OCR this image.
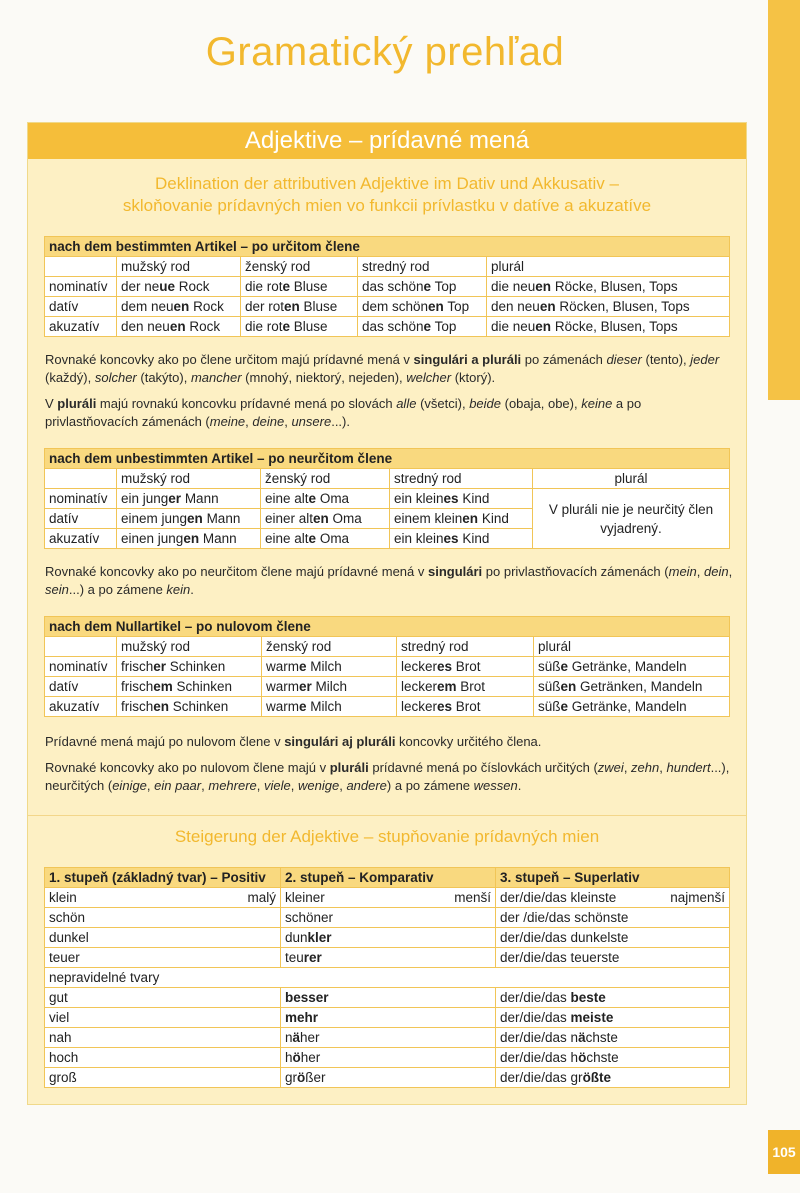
Gramatický prehľad
Adjektive – prídavné mená
Deklination der attributiven Adjektive im Dativ und Akkusativ –
skloňovanie prídavných mien vo funkcii prívlastku v datíve a akuzatíve
nach dem bestimmten Artikel – po určitom člene				
	mužský rod	ženský rod	stredný rod	plurál
nominatív	der neue Rock	die rote Bluse	das schöne Top	die neuen Röcke, Blusen, Tops
datív	dem neuen Rock	der roten Bluse	dem schönen Top	den neuen Röcken, Blusen, Tops
akuzatív	den neuen Rock	die rote Bluse	das schöne Top	die neuen Röcke, Blusen, Tops
Rovnaké koncovky ako po člene určitom majú prídavné mená v singulári a pluráli po zámenách dieser (tento), jeder (každý), solcher (takýto), mancher (mnohý, niektorý, nejeden), welcher (ktorý).
V pluráli majú rovnakú koncovku prídavné mená po slovách alle (všetci), beide (obaja, obe), keine a po privlastňovacích zámenách (meine, deine, unsere...).
nach dem unbestimmten Artikel – po neurčitom člene				
	mužský rod	ženský rod	stredný rod	plurál
nominatív	ein junger Mann	eine alte Oma	ein kleines Kind	V pluráli nie je neurčitý člen vyjadrený.
datív	einem jungen Mann	einer alten Oma	einem kleinen Kind	
akuzatív	einen jungen Mann	eine alte Oma	ein kleines Kind	
Rovnaké koncovky ako po neurčitom člene majú prídavné mená v singulári po privlastňovacích zámenách (mein, dein, sein...) a po zámene kein.
nach dem Nullartikel – po nulovom člene				
	mužský rod	ženský rod	stredný rod	plurál
nominatív	frischer Schinken	warme Milch	leckeres Brot	süße Getränke, Mandeln
datív	frischem Schinken	warmer Milch	leckerem Brot	süßen Getränken, Mandeln
akuzatív	frischen Schinken	warme Milch	leckeres Brot	süße Getränke, Mandeln
Prídavné mená majú po nulovom člene v singulári aj pluráli koncovky určitého člena.
Rovnaké koncovky ako po nulovom člene majú v pluráli prídavné mená po číslovkách určitých (zwei, zehn, hundert...), neurčitých (einige, ein paar, mehrere, viele, wenige, andere) a po zámene wessen.
Steigerung der Adjektive – stupňovanie prídavných mien
1. stupeň (základný tvar) – Positiv	2. stupeň – Komparativ	3. stupeň – Superlativ

klein malý	kleiner menší	der/die/das kleinste najmenší

schön	schöner	der /die/das schönste
dunkel	dunkler	der/die/das dunkelste
teuer	teurer	der/die/das teuerste
nepravidelné tvary		
gut	besser	der/die/das beste
viel	mehr	der/die/das meiste
nah	näher	der/die/das nächste
hoch	höher	der/die/das höchste
groß	größer	der/die/das größte
105
